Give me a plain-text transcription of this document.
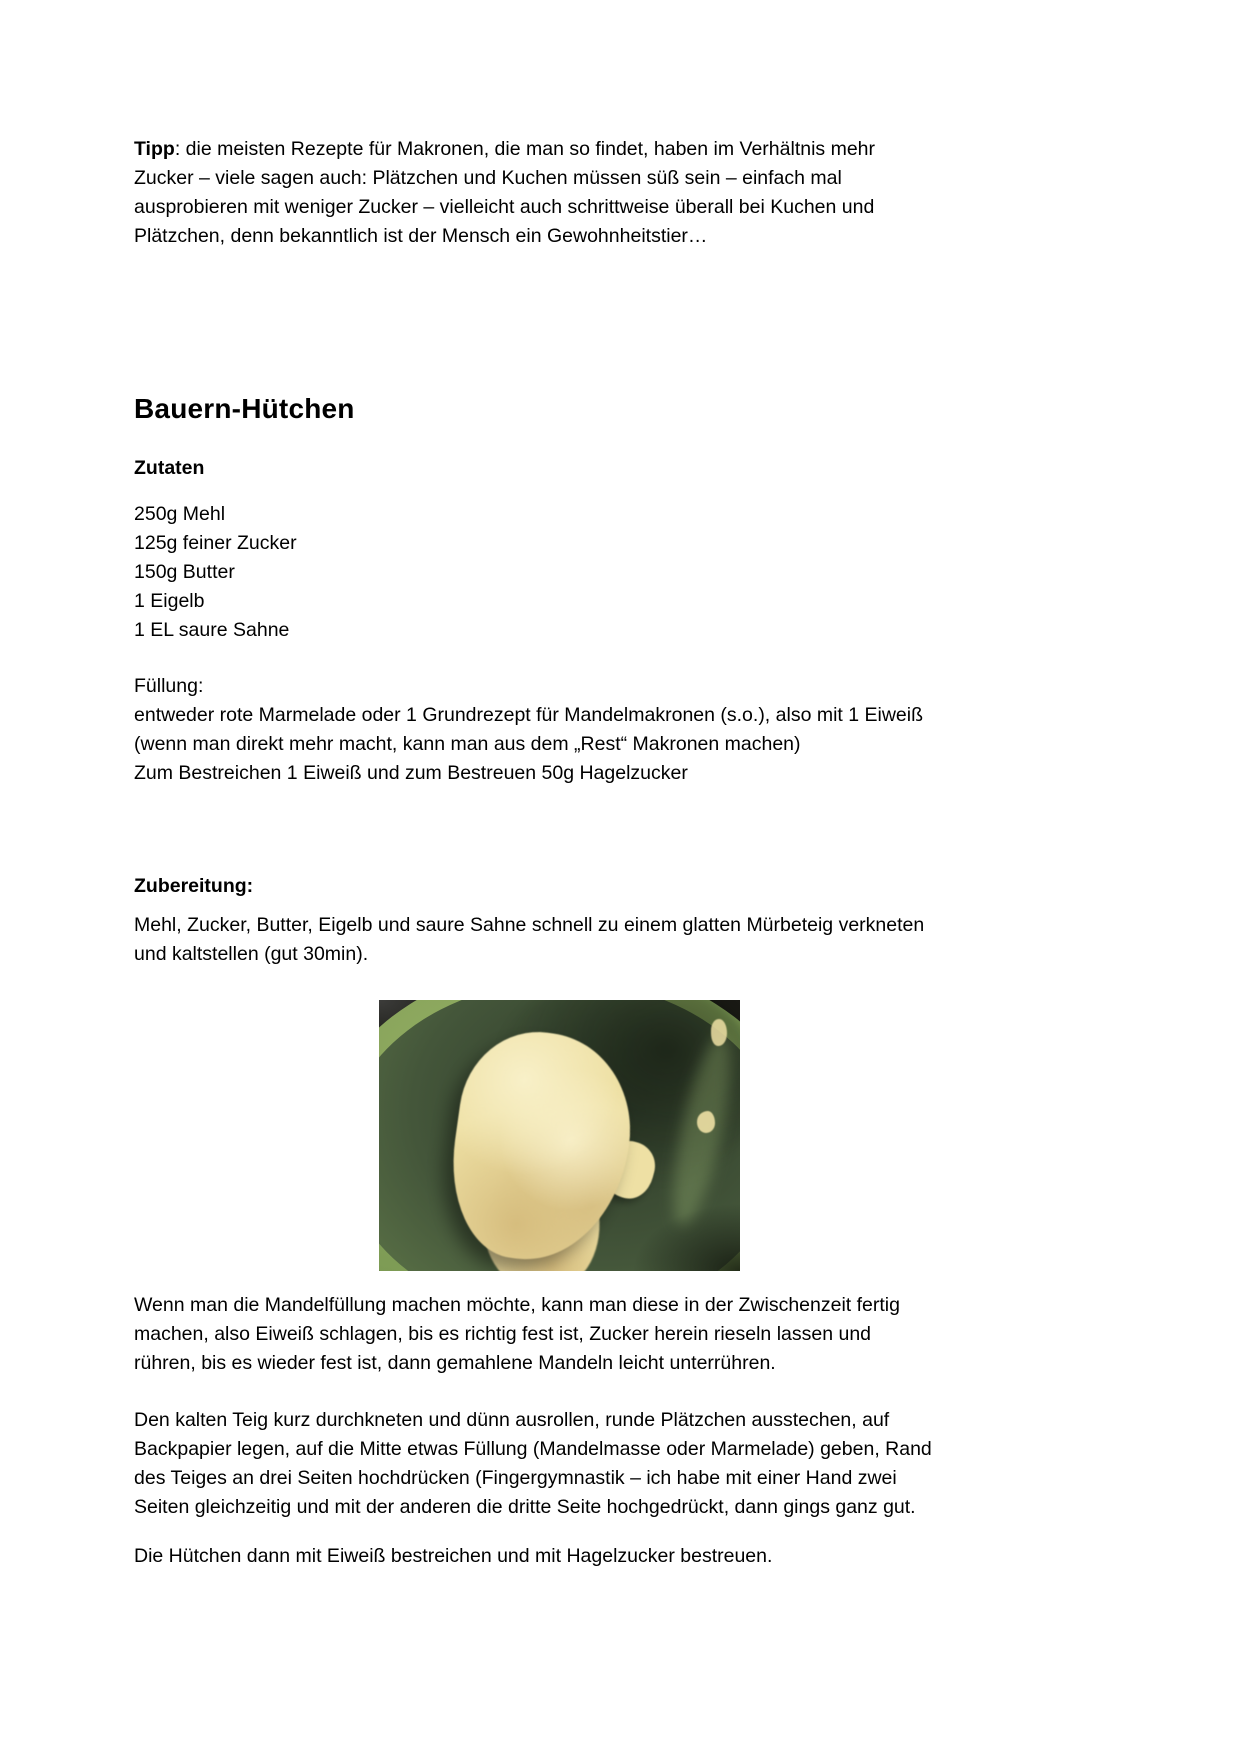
Tipp: die meisten Rezepte für Makronen, die man so findet, haben im Verhältnis mehr
Zucker – viele sagen auch: Plätzchen und Kuchen müssen süß sein – einfach mal
ausprobieren mit weniger Zucker – vielleicht auch schrittweise überall bei Kuchen und
Plätzchen, denn bekanntlich ist der Mensch ein Gewohnheitstier…

Bauern-Hütchen
Zutaten

250g Mehl
125g feiner Zucker
150g Butter
1 Eigelb
1 EL saure Sahne

Füllung:
entweder rote Marmelade oder 1 Grundrezept für Mandelmakronen (s.o.), also mit 1 Eiweiß
(wenn man direkt mehr macht, kann man aus dem „Rest“ Makronen machen)
Zum Bestreichen 1 Eiweiß und zum Bestreuen 50g Hagelzucker

Zubereitung:

Mehl, Zucker, Butter, Eigelb und saure Sahne schnell zu einem glatten Mürbeteig verkneten
und kaltstellen (gut 30min).

Wenn man die Mandelfüllung machen möchte, kann man diese in der Zwischenzeit fertig
machen, also Eiweiß schlagen, bis es richtig fest ist, Zucker herein rieseln lassen und
rühren, bis es wieder fest ist, dann gemahlene Mandeln leicht unterrühren.

Den kalten Teig kurz durchkneten und dünn ausrollen, runde Plätzchen ausstechen, auf
Backpapier legen, auf die Mitte etwas Füllung (Mandelmasse oder Marmelade) geben, Rand
des Teiges an drei Seiten hochdrücken (Fingergymnastik – ich habe mit einer Hand zwei
Seiten gleichzeitig und mit der anderen die dritte Seite hochgedrückt, dann gings ganz gut.

Die Hütchen dann mit Eiweiß bestreichen und mit Hagelzucker bestreuen.
